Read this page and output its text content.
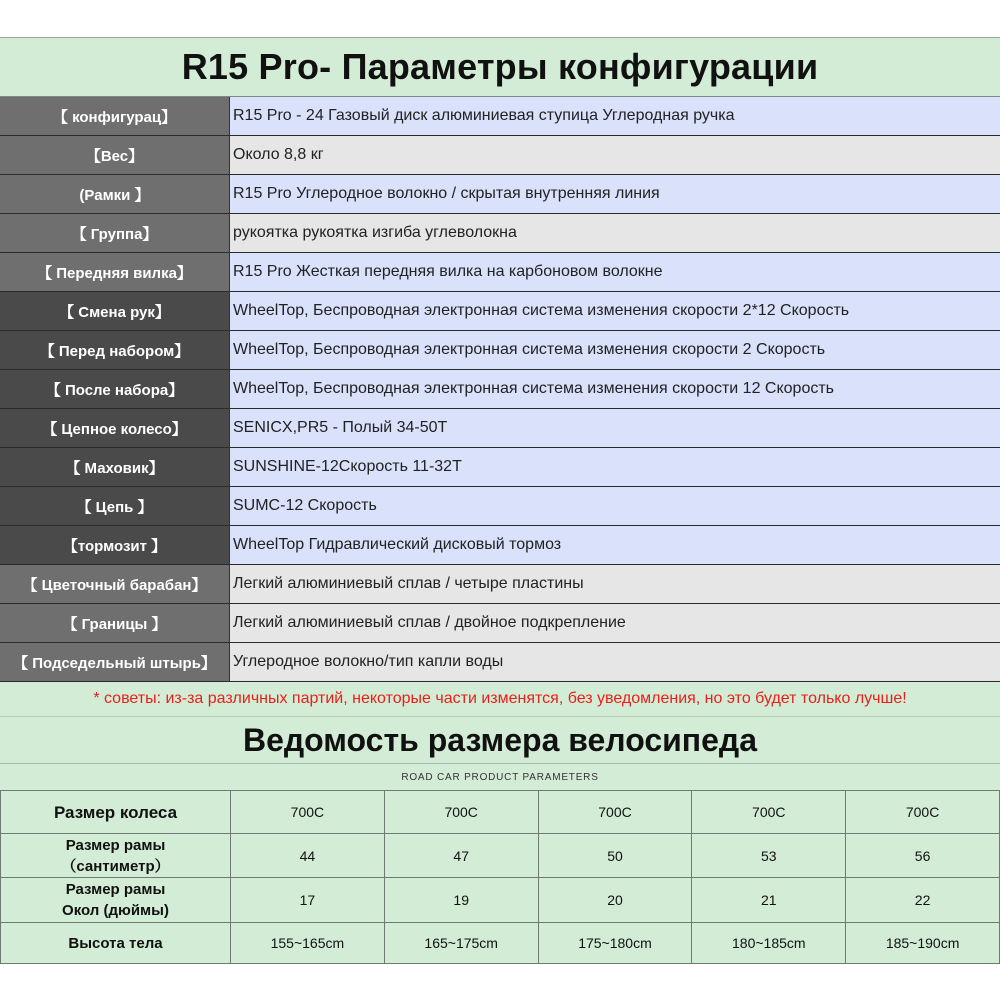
R15 Pro- Параметры конфигурации
【 конфигурац】	R15 Pro - 24 Газовый диск алюминиевая ступица Углеродная ручка
【Вес】	Около 8,8 кг
(Рамки 】	R15 Pro Углеродное волокно / скрытая внутренняя линия
【 Группа】	рукоятка рукоятка изгиба углеволокна
【 Передняя вилка】	R15 Pro Жесткая передняя вилка на карбоновом волокне
【 Смена рук】	WheelTop, Беспроводная электронная система изменения скорости 2*12 Скорость
【 Перед набором】	WheelTop, Беспроводная электронная система изменения скорости 2 Скорость
【 После набора】	WheelTop, Беспроводная электронная система изменения скорости 12 Скорость
【 Цепное колесо】	SENICX,PR5 - Полый 34-50T
【 Маховик】	SUNSHINE-12Скорость 11-32T
【 Цепь 】	SUMC-12 Скорость
【тормозит 】	WheelTop Гидравлический дисковый тормоз
【 Цветочный барабан】	Легкий алюминиевый сплав / четыре пластины
【 Границы 】	Легкий алюминиевый сплав / двойное подкрепление
【 Подседельный штырь】	Углеродное волокно/тип капли воды
* советы: из-за различных партий, некоторые части изменятся, без уведомления, но это будет только лучше!
Ведомость размера велосипеда
ROAD CAR PRODUCT PARAMETERS
Размер колеса	700C	700C	700C	700C	700C

Размер рамы
（сантиметр）	44	47	50	53	56

Размер рамы
Окол (дюймы)	17	19	20	21	22
Высота тела	155~165cm	165~175cm	175~180cm	180~185cm	185~190cm
